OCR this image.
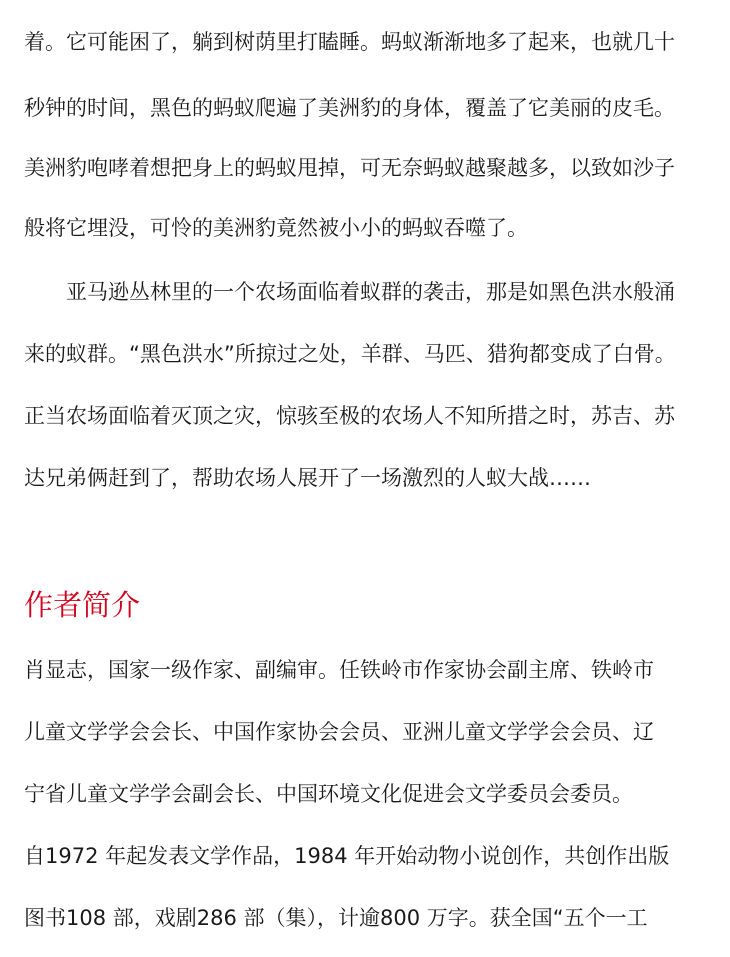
着。它可能困了，躺到树荫里打瞌睡。蚂蚁渐渐地多了起来，也就几十
秒钟的时间，黑色的蚂蚁爬遍了美洲豹的身体，覆盖了它美丽的皮毛。
美洲豹咆哮着想把身上的蚂蚁甩掉，可无奈蚂蚁越聚越多，以致如沙子
般将它埋没，可怜的美洲豹竟然被小小的蚂蚁吞噬了。
亚马逊丛林里的一个农场面临着蚁群的袭击，那是如黑色洪水般涌
来的蚁群。“黑色洪水”所掠过之处，羊群、马匹、猎狗都变成了白骨。
正当农场面临着灭顶之灾，惊骇至极的农场人不知所措之时，苏吉、苏
达兄弟俩赶到了，帮助农场人展开了一场激烈的人蚁大战……
作者简介
肖显志，国家一级作家、副编审。任铁岭市作家协会副主席、铁岭市
儿童文学学会会长、中国作家协会会员、亚洲儿童文学学会会员、辽
宁省儿童文学学会副会长、中国环境文化促进会文学委员会委员。
自1972 年起发表文学作品，1984 年开始动物小说创作，共创作出版
图书108 部，戏剧286 部（集），计逾800 万字。获全国“五个一工
